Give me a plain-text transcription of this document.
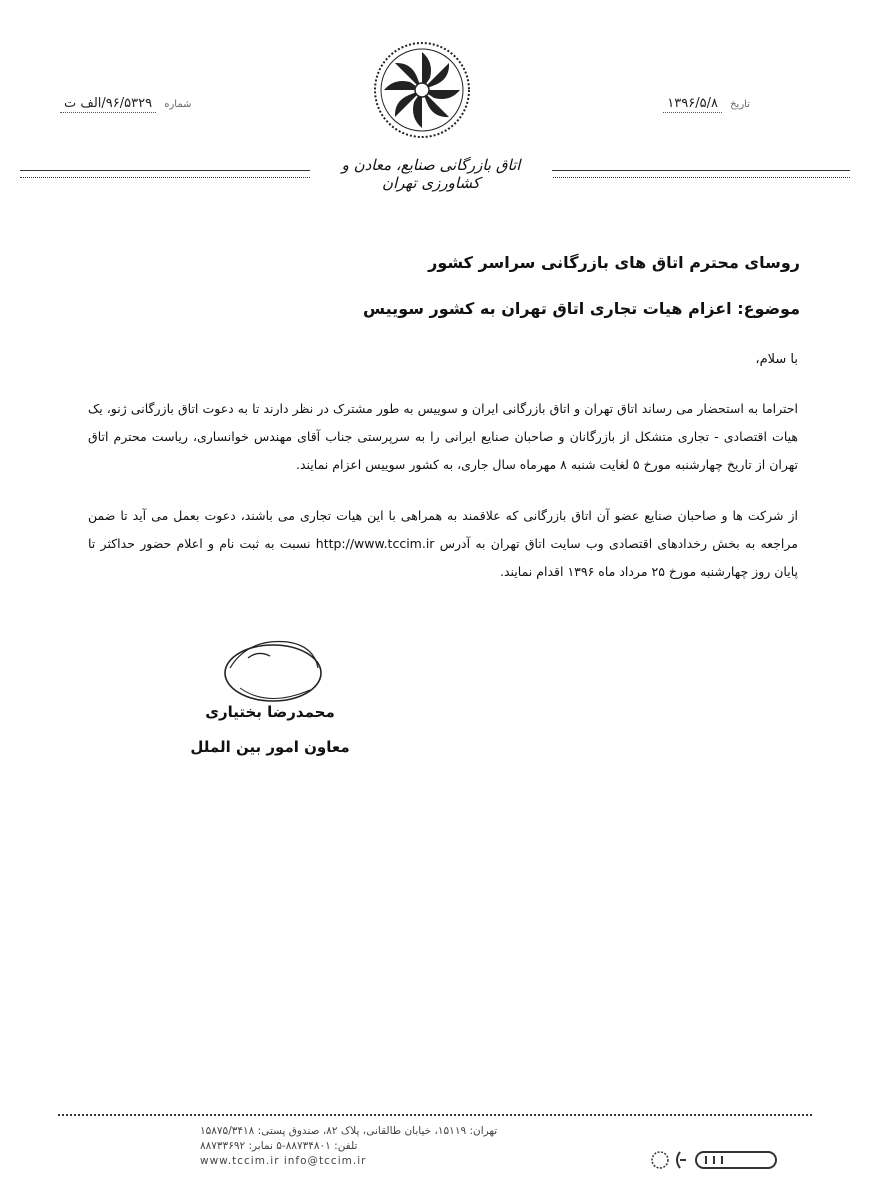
تاریخ ۱۳۹۶/۵/۸
شماره ۹۶/۵۳۲۹/الف ت
اتاق بازرگانی صنایع، معادن و کشاورزی تهران
روسای محترم اتاق های بازرگانی سراسر کشور
موضوع: اعزام هیات تجاری اتاق تهران به کشور سوییس
با سلام،
احتراما به استحضار می رساند اتاق تهران و اتاق بازرگانی ایران و سوییس به طور مشترک در نظر دارند تا به دعوت اتاق بازرگانی ژنو، یک هیات اقتصادی - تجاری متشکل از بازرگانان و صاحبان صنایع ایرانی را به سرپرستی جناب آقای مهندس خوانساری، ریاست محترم اتاق تهران از تاریخ چهارشنبه مورخ ۵ لغایت شنبه ۸ مهرماه سال جاری، به کشور سوییس اعزام نمایند.
از شرکت ها و صاحبان صنایع عضو آن اتاق بازرگانی که علاقمند به همراهی با این هیات تجاری می باشند، دعوت بعمل می آید تا ضمن مراجعه به بخش رخدادهای اقتصادی وب سایت اتاق تهران به آدرس http://www.tccim.ir نسبت به ثبت نام و اعلام حضور حداکثر تا پایان روز چهارشنبه مورخ ۲۵ مرداد ماه ۱۳۹۶ اقدام نمایند.
محمدرضا بختیاری
معاون امور بین الملل
تهران: ۱۵۱۱۹، خیابان طالقانی، پلاک ۸۲، صندوق پستی: ۱۵۸۷۵/۳۴۱۸
تلفن: ۸۸۷۳۴۸۰۱-۵ نمابر: ۸۸۷۳۳۶۹۲
www.tccim.ir info@tccim.ir
